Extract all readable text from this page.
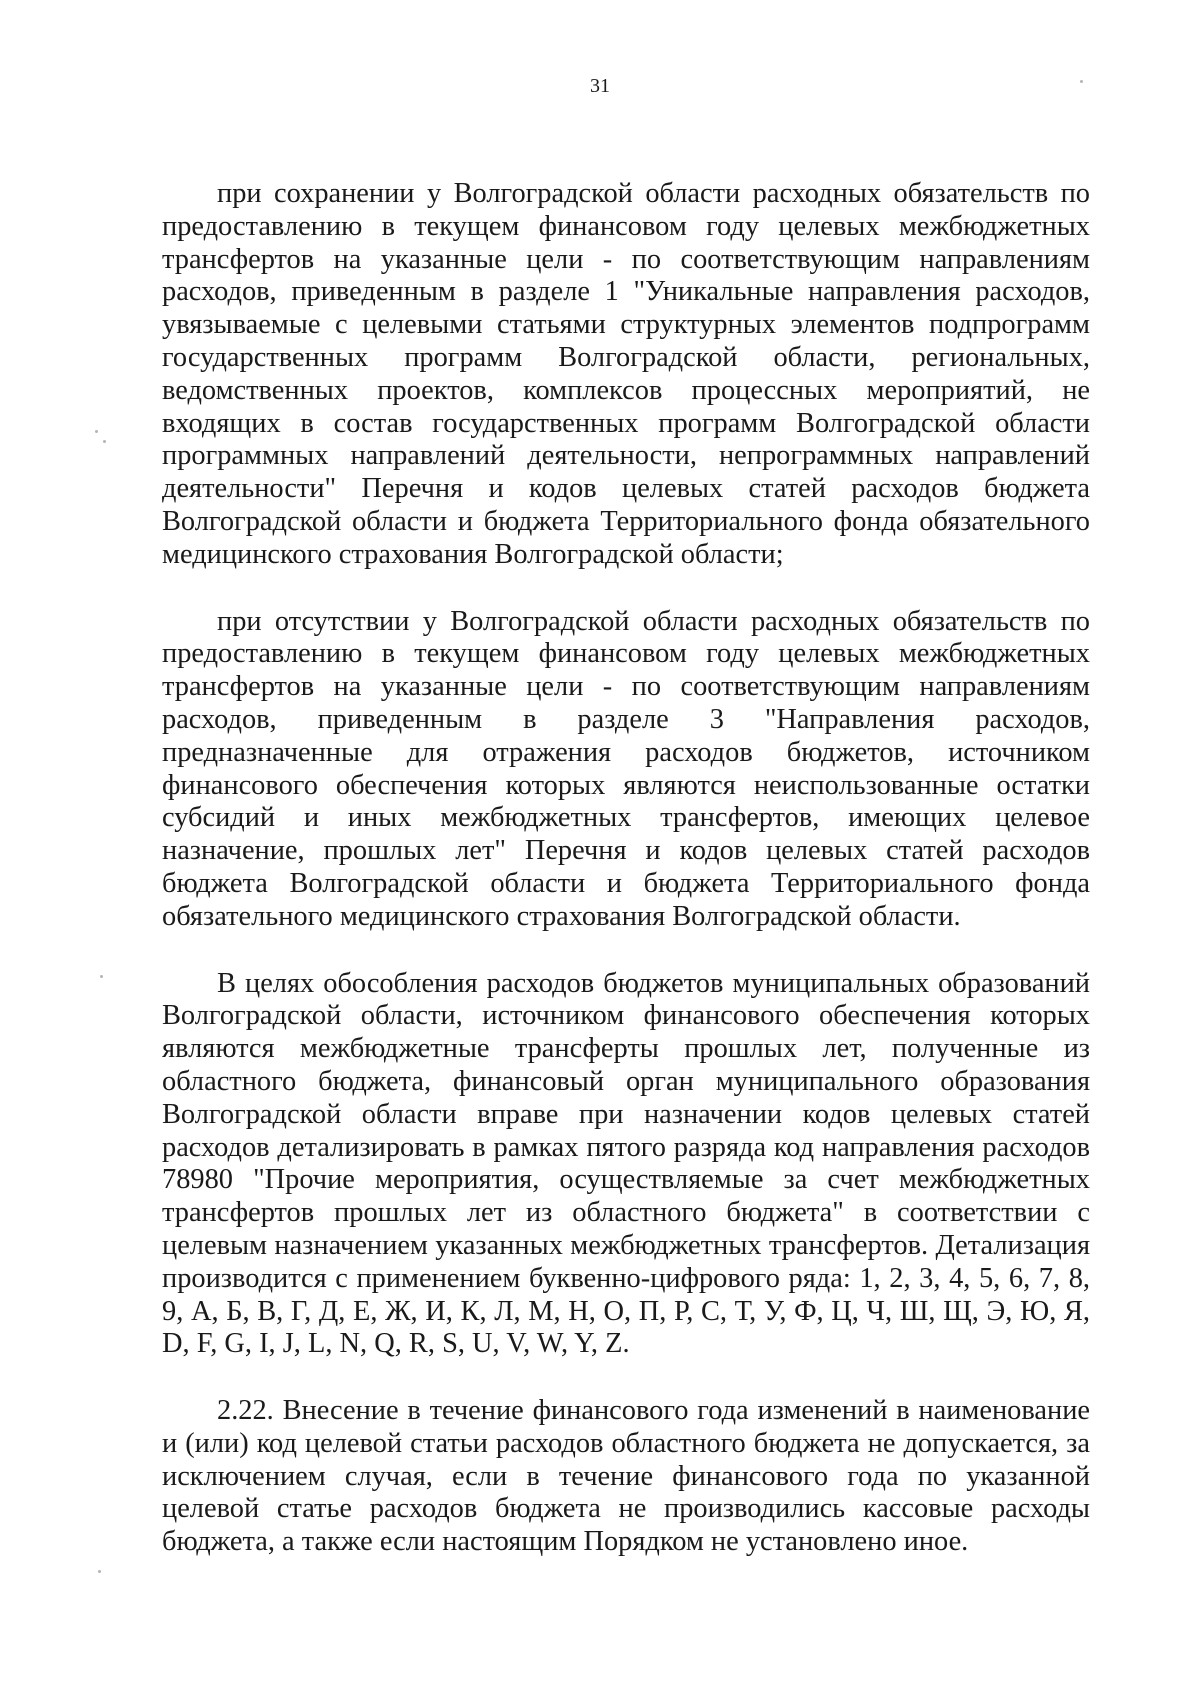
31

при сохранении у Волгоградской области расходных обязательств по предоставлению в текущем финансовом году целевых межбюджетных трансфертов на указанные цели - по соответствующим направлениям расходов, приведенным в разделе 1 "Уникальные направления расходов, увязываемые с целевыми статьями структурных элементов подпрограмм государственных программ Волгоградской области, региональных, ведомственных проектов, комплексов процессных мероприятий, не входящих в состав государственных программ Волгоградской области программных направлений деятельности, непрограммных направлений деятельности" Перечня и кодов целевых статей расходов бюджета Волгоградской области и бюджета Территориального фонда обязательного медицинского страхования Волгоградской области;

при отсутствии у Волгоградской области расходных обязательств по предоставлению в текущем финансовом году целевых межбюджетных трансфертов на указанные цели - по соответствующим направлениям расходов, приведенным в разделе 3 "Направления расходов, предназначенные для отражения расходов бюджетов, источником финансового обеспечения которых являются неиспользованные остатки субсидий и иных межбюджетных трансфертов, имеющих целевое назначение, прошлых лет" Перечня и кодов целевых статей расходов бюджета Волгоградской области и бюджета Территориального фонда обязательного медицинского страхования Волгоградской области.

В целях обособления расходов бюджетов муниципальных образований Волгоградской области, источником финансового обеспечения которых являются межбюджетные трансферты прошлых лет, полученные из областного бюджета, финансовый орган муниципального образования Волгоградской области вправе при назначении кодов целевых статей расходов детализировать в рамках пятого разряда код направления расходов 78980 "Прочие мероприятия, осуществляемые за счет межбюджетных трансфертов прошлых лет из областного бюджета" в соответствии с целевым назначением указанных межбюджетных трансфертов. Детализация производится с применением буквенно-цифрового ряда: 1, 2, 3, 4, 5, 6, 7, 8, 9, А, Б, В, Г, Д, Е, Ж, И, К, Л, М, Н, О, П, Р, С, Т, У, Ф, Ц, Ч, Ш, Щ, Э, Ю, Я, D, F, G, I, J, L, N, Q, R, S, U, V, W, Y, Z.

2.22. Внесение в течение финансового года изменений в наименование и (или) код целевой статьи расходов областного бюджета не допускается, за исключением случая, если в течение финансового года по указанной целевой статье расходов бюджета не производились кассовые расходы бюджета, а также если настоящим Порядком не установлено иное.
